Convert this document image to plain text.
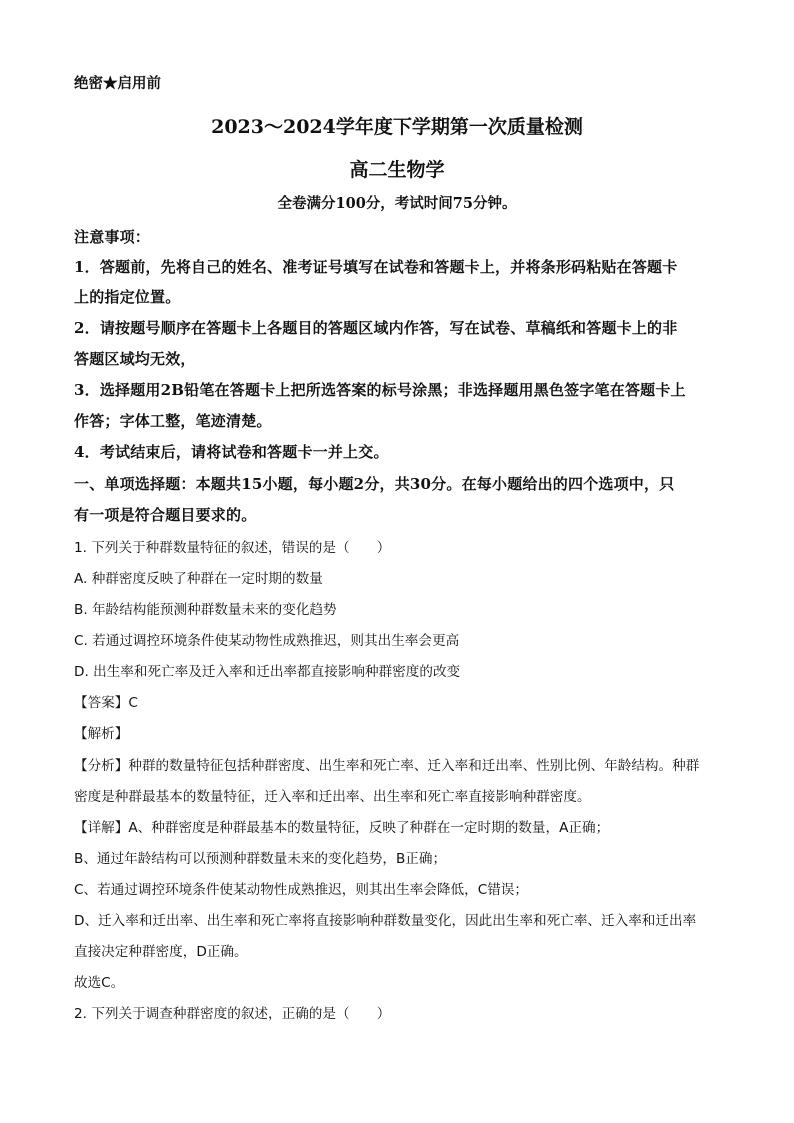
绝密★启用前
2023～2024学年度下学期第一次质量检测
高二生物学
全卷满分100分，考试时间75分钟。
注意事项：
1．答题前，先将自己的姓名、准考证号填写在试卷和答题卡上，并将条形码粘贴在答题卡
上的指定位置。
2．请按题号顺序在答题卡上各题目的答题区域内作答，写在试卷、草稿纸和答题卡上的非
答题区域均无效，
3．选择题用2B铅笔在答题卡上把所选答案的标号涂黑；非选择题用黑色签字笔在答题卡上
作答；字体工整，笔迹清楚。
4．考试结束后，请将试卷和答题卡一并上交。
一、单项选择题：本题共15小题，每小题2分，共30分。在每小题给出的四个选项中，只
有一项是符合题目要求的。
1. 下列关于种群数量特征的叙述，错误的是（　　）
A. 种群密度反映了种群在一定时期的数量
B. 年龄结构能预测种群数量未来的变化趋势
C. 若通过调控环境条件使某动物性成熟推迟，则其出生率会更高
D. 出生率和死亡率及迁入率和迁出率都直接影响种群密度的改变
【答案】C
【解析】
【分析】种群的数量特征包括种群密度、出生率和死亡率、迁入率和迁出率、性别比例、年龄结构。种群
密度是种群最基本的数量特征，迁入率和迁出率、出生率和死亡率直接影响种群密度。
【详解】A、种群密度是种群最基本的数量特征，反映了种群在一定时期的数量，A正确；
B、通过年龄结构可以预测种群数量未来的变化趋势，B正确；
C、若通过调控环境条件使某动物性成熟推迟，则其出生率会降低，C错误；
D、迁入率和迁出率、出生率和死亡率将直接影响种群数量变化，因此出生率和死亡率、迁入率和迁出率
直接决定种群密度，D正确。
故选C。
2. 下列关于调查种群密度的叙述，正确的是（　　）
